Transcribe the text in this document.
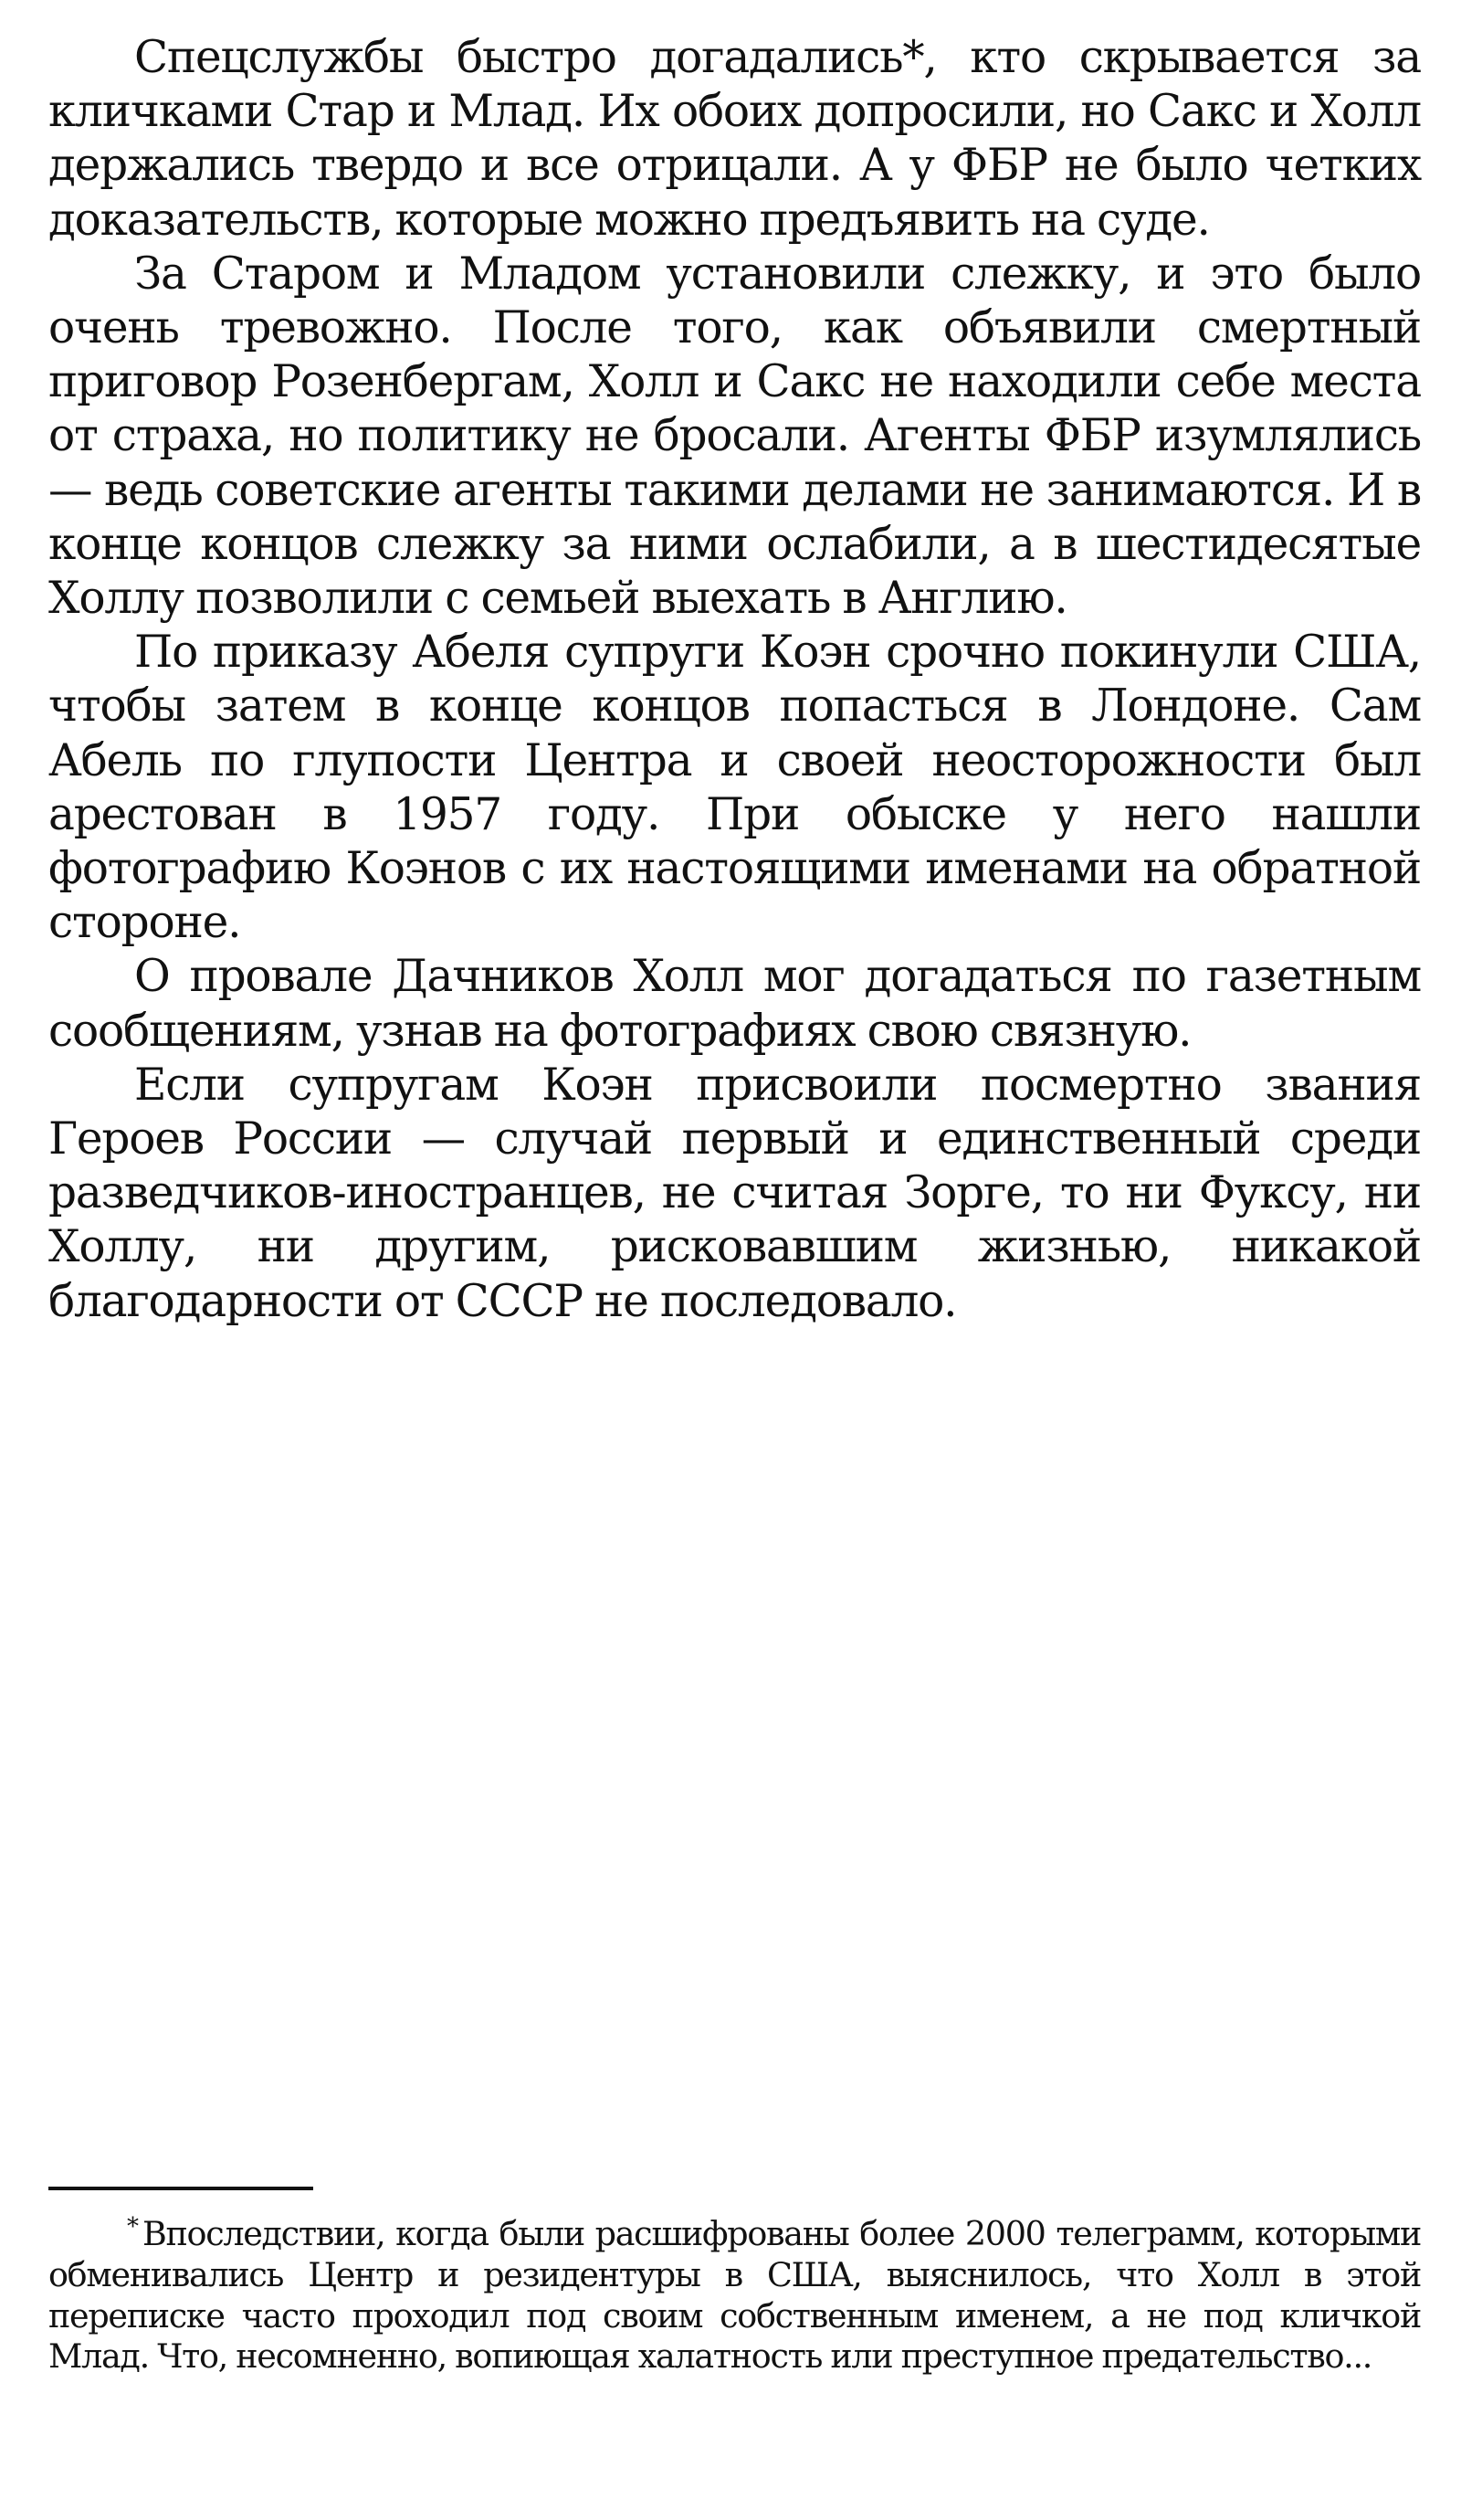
Спецслужбы быстро догадались*, кто скрывается за кличками Стар и Млад. Их обоих допросили, но Сакс и Холл держались твердо и все отрицали. А у ФБР не было четких доказательств, которые можно предъявить на суде.

За Старом и Младом установили слежку, и это было очень тревожно. После того, как объявили смертный приговор Розенбергам, Холл и Сакс не находили себе места от страха, но политику не бросали. Агенты ФБР изумлялись — ведь советские агенты такими делами не занимаются. И в конце концов слежку за ними ослабили, а в шестидесятые Холлу позволили с семьей выехать в Англию.

По приказу Абеля супруги Коэн срочно покинули США, чтобы затем в конце концов попасться в Лондоне. Сам Абель по глупости Центра и своей неосторожности был арестован в 1957 году. При обыске у него нашли фотографию Коэнов с их настоящими именами на обратной стороне.

О провале Дачников Холл мог догадаться по газетным сообщениям, узнав на фотографиях свою связную.

Если супругам Коэн присвоили посмертно звания Героев России — случай первый и единственный среди разведчиков-иностранцев, не считая Зорге, то ни Фуксу, ни Холлу, ни другим, рисковавшим жизнью, никакой благодарности от СССР не последовало.

* Впоследствии, когда были расшифрованы более 2000 телеграмм, которыми обменивались Центр и резидентуры в США, выяснилось, что Холл в этой переписке часто проходил под своим собственным именем, а не под кличкой Млад. Что, несомненно, вопиющая халатность или преступное предательство...
